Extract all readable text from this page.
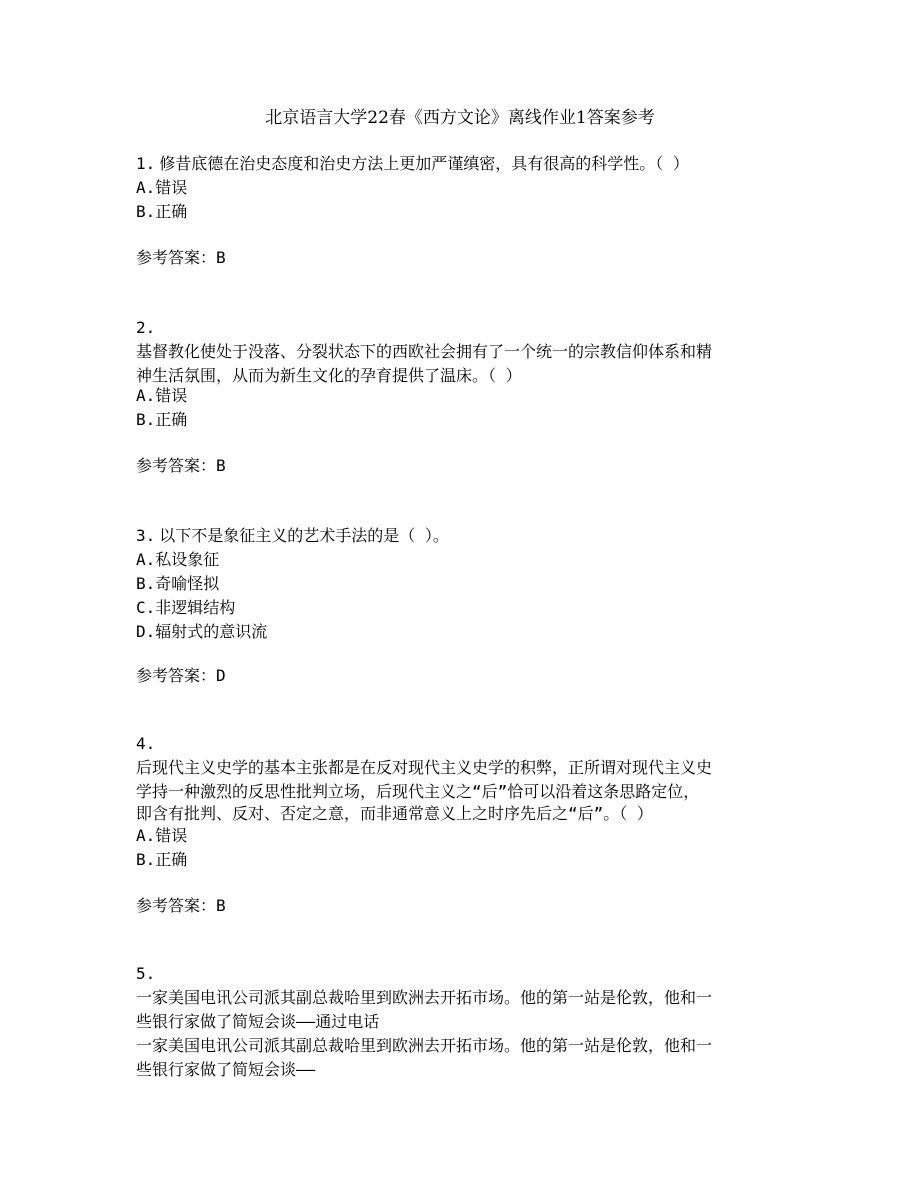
北京语言大学22春《西方文论》离线作业1答案参考
1. 修昔底德在治史态度和治史方法上更加严谨缜密，具有很高的科学性。（ ）
A.错误
B.正确
参考答案：B
2.
基督教化使处于没落、分裂状态下的西欧社会拥有了一个统一的宗教信仰体系和精
神生活氛围，从而为新生文化的孕育提供了温床。（ ）
A.错误
B.正确
参考答案：B
3. 以下不是象征主义的艺术手法的是（ ）。
A.私设象征
B.奇喻怪拟
C.非逻辑结构
D.辐射式的意识流
参考答案：D
4.
后现代主义史学的基本主张都是在反对现代主义史学的积弊，正所谓对现代主义史
学持一种激烈的反思性批判立场，后现代主义之“后”恰可以沿着这条思路定位，
即含有批判、反对、否定之意，而非通常意义上之时序先后之“后”。（ ）
A.错误
B.正确
参考答案：B
5.
一家美国电讯公司派其副总裁哈里到欧洲去开拓市场。他的第一站是伦敦，他和一
些银行家做了简短会谈——通过电话
一家美国电讯公司派其副总裁哈里到欧洲去开拓市场。他的第一站是伦敦，他和一
些银行家做了简短会谈——
